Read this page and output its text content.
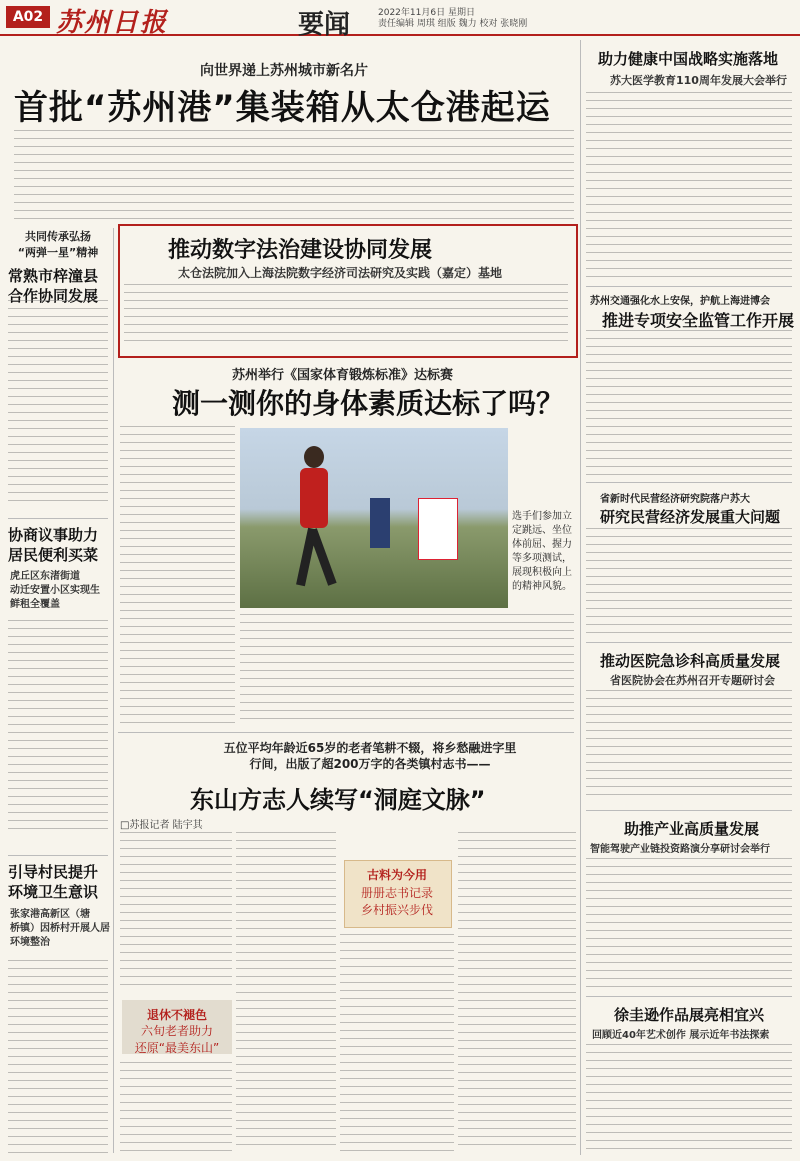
A02 苏州日报	要闻	2022年11月6日 星期日
责任编辑 周琪 组版 魏力 校对 张晓刚
向世界递上苏州城市新名片
首批“苏州港”集装箱从太仓港起运
共同传承弘扬
“两弹一星”精神
常熟市梓潼县
合作协同发展
协商议事助力
居民便利买菜
虎丘区东渚街道
动迁安置小区实现生
鲜租全覆盖
引导村民提升
环境卫生意识
张家港高新区（塘
桥镇）因桥村开展人居
环境整治
推动数字法治建设协同发展
太仓法院加入上海法院数字经济司法研究及实践（嘉定）基地
苏州举行《国家体育锻炼标准》达标赛
测一测你的身体素质达标了吗？
选手们参加立定跳远、坐位体前屈、握力等多项测试，展现积极向上的精神风貌。
五位平均年龄近65岁的老者笔耕不辍，将乡愁融进字里
行间，出版了超200万字的各类镇村志书——
东山方志人续写“洞庭文脉”
□苏报记者 陆宇其
古料为今用
册册志书记录
乡村振兴步伐
退休不褪色
六旬老者助力
还原“最美东山”
助力健康中国战略实施落地
苏大医学教育110周年发展大会举行
苏州交通强化水上安保，护航上海进博会
推进专项安全监管工作开展
省新时代民营经济研究院落户苏大
研究民营经济发展重大问题
推动医院急诊科高质量发展
省医院协会在苏州召开专题研讨会
助推产业高质量发展
智能驾驶产业链投资路演分享研讨会举行
徐圭逊作品展亮相宜兴
回顾近40年艺术创作 展示近年书法探索
